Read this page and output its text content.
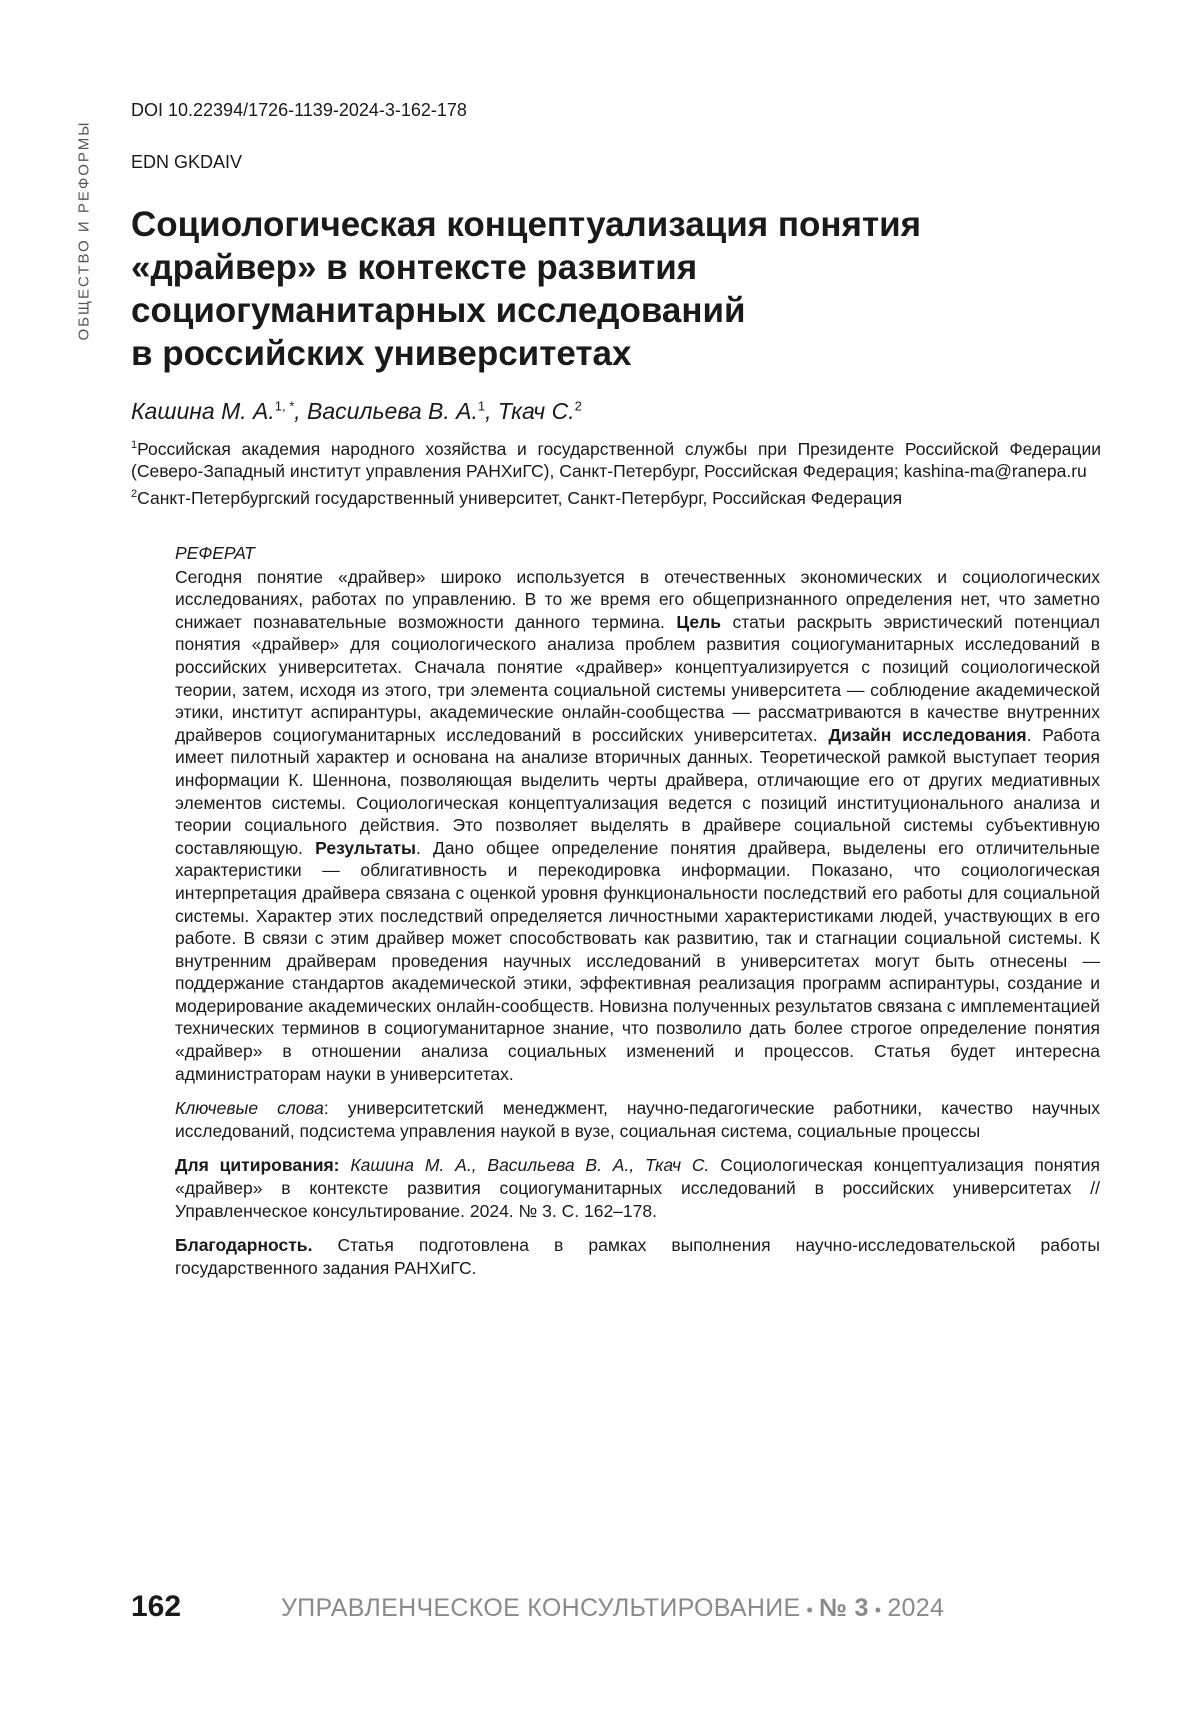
ОБЩЕСТВО И РЕФОРМЫ
DOI 10.22394/1726-1139-2024-3-162-178
EDN GKDAIV
Социологическая концептуализация понятия
«драйвер» в контексте развития
социогуманитарных исследований
в российских университетах
Кашина М. А.$^{1, *}$, Васильева В. А.$^1$, Ткач С.$^2$

$^1$Российская академия народного хозяйства и государственной службы при Президенте Российской Федерации (Северо-Западный институт управления РАНХиГС), Санкт-Петербург, Российская Федерация; kashina-ma@ranepa.ru

$^2$Санкт-Петербургский государственный университет, Санкт-Петербург, Российская Федерация

РЕФЕРАТ

Сегодня понятие «драйвер» широко используется в отечественных экономических и социологических исследованиях, работах по управлению. В то же время его общепризнанного определения нет, что заметно снижает познавательные возможности данного термина. Цель статьи раскрыть эвристический потенциал понятия «драйвер» для социологического анализа проблем развития социогуманитарных исследований в российских университетах. Сначала понятие «драйвер» концептуализируется с позиций социологической теории, затем, исходя из этого, три элемента социальной системы университета — соблюдение академической этики, институт аспирантуры, академические онлайн-сообщества — рассматриваются в качестве внутренних драйверов социогуманитарных исследований в российских университетах. Дизайн исследования. Работа имеет пилотный характер и основана на анализе вторичных данных. Теоретической рамкой выступает теория информации К. Шеннона, позволяющая выделить черты драйвера, отличающие его от других медиативных элементов системы. Социологическая концептуализация ведется с позиций институционального анализа и теории социального действия. Это позволяет выделять в драйвере социальной системы субъективную составляющую. Результаты. Дано общее определение понятия драйвера, выделены его отличительные характеристики — облигативность и перекодировка информации. Показано, что социологическая интерпретация драйвера связана с оценкой уровня функциональности последствий его работы для социальной системы. Характер этих последствий определяется личностными характеристиками людей, участвующих в его работе. В связи с этим драйвер может способствовать как развитию, так и стагнации социальной системы. К внутренним драйверам проведения научных исследований в университетах могут быть отнесены — поддержание стандартов академической этики, эффективная реализация программ аспирантуры, создание и модерирование академических онлайн-сообществ. Новизна полученных результатов связана с имплементацией технических терминов в социогуманитарное знание, что позволило дать более строгое определение понятия «драйвер» в отношении анализа социальных изменений и процессов. Статья будет интересна администраторам науки в университетах.

Ключевые слова: университетский менеджмент, научно-педагогические работники, качество научных исследований, подсистема управления наукой в вузе, социальная система, социальные процессы

Для цитирования: Кашина М. А., Васильева В. А., Ткач С. Социологическая концептуализация понятия «драйвер» в контексте развития социогуманитарных исследований в российских университетах // Управленческое консультирование. 2024. № 3. С. 162–178.

Благодарность. Статья подготовлена в рамках выполнения научно-исследовательской работы государственного задания РАНХиГС.

162	УПРАВЛЕНЧЕСКОЕ КОНСУЛЬТИРОВАНИЕ • № 3 • 2024
